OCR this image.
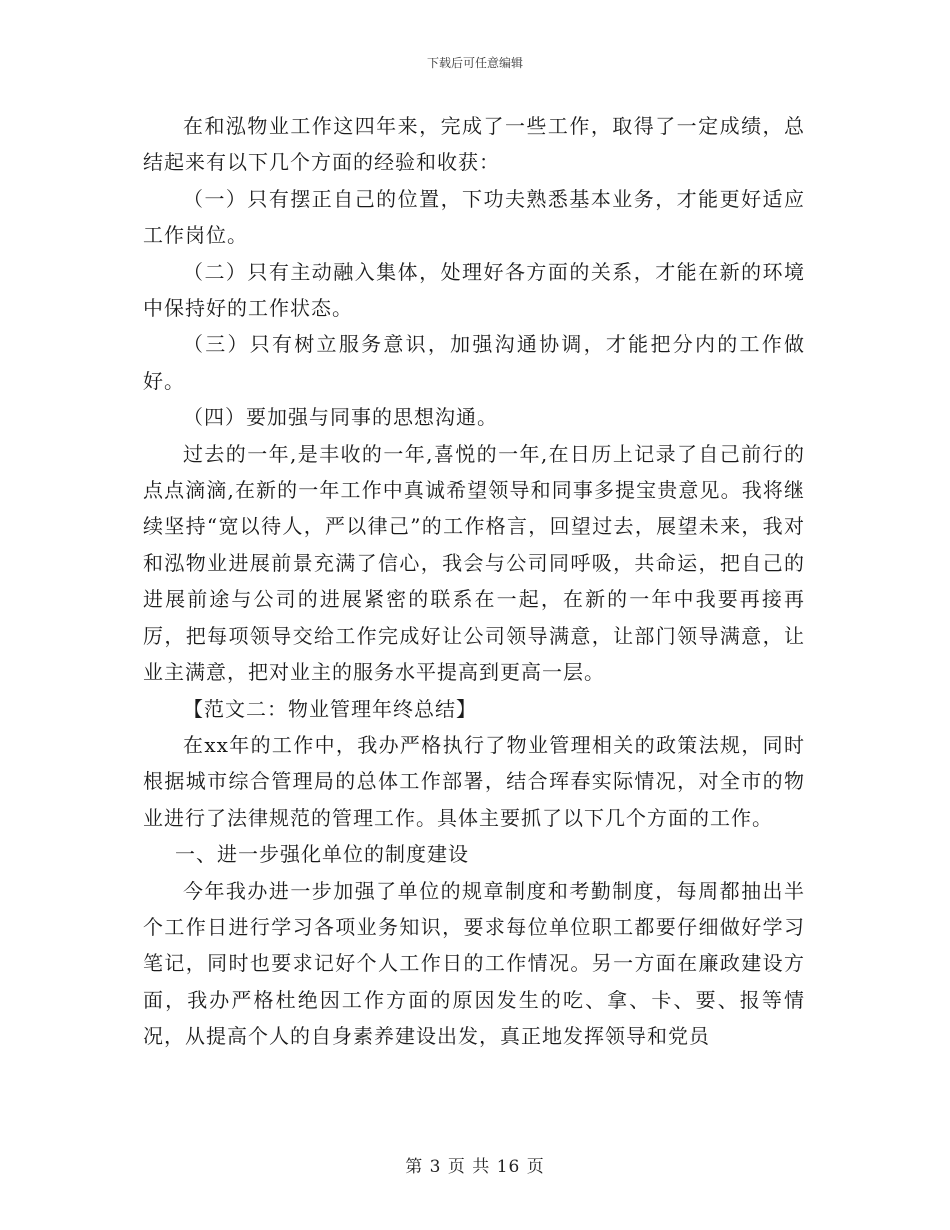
下载后可任意编辑

在和泓物业工作这四年来，完成了一些工作，取得了一定成绩，总结起来有以下几个方面的经验和收获：

（一）只有摆正自己的位置，下功夫熟悉基本业务，才能更好适应工作岗位。

（二）只有主动融入集体，处理好各方面的关系，才能在新的环境中保持好的工作状态。

（三）只有树立服务意识，加强沟通协调，才能把分内的工作做好。

（四）要加强与同事的思想沟通。

过去的一年,是丰收的一年,喜悦的一年,在日历上记录了自己前行的点点滴滴,在新的一年工作中真诚希望领导和同事多提宝贵意见。我将继续坚持“宽以待人，严以律己”的工作格言，回望过去，展望未来，我对和泓物业进展前景充满了信心，我会与公司同呼吸，共命运，把自己的进展前途与公司的进展紧密的联系在一起，在新的一年中我要再接再厉，把每项领导交给工作完成好让公司领导满意，让部门领导满意，让业主满意，把对业主的服务水平提高到更高一层。

【范文二：物业管理年终总结】

在xx年的工作中，我办严格执行了物业管理相关的政策法规，同时根据城市综合管理局的总体工作部署，结合珲春实际情况，对全市的物业进行了法律规范的管理工作。具体主要抓了以下几个方面的工作。

一、进一步强化单位的制度建设

今年我办进一步加强了单位的规章制度和考勤制度，每周都抽出半个工作日进行学习各项业务知识，要求每位单位职工都要仔细做好学习笔记，同时也要求记好个人工作日的工作情况。另一方面在廉政建设方面，我办严格杜绝因工作方面的原因发生的吃、拿、卡、要、报等情况，从提高个人的自身素养建设出发，真正地发挥领导和党员

第 3 页 共 16 页
